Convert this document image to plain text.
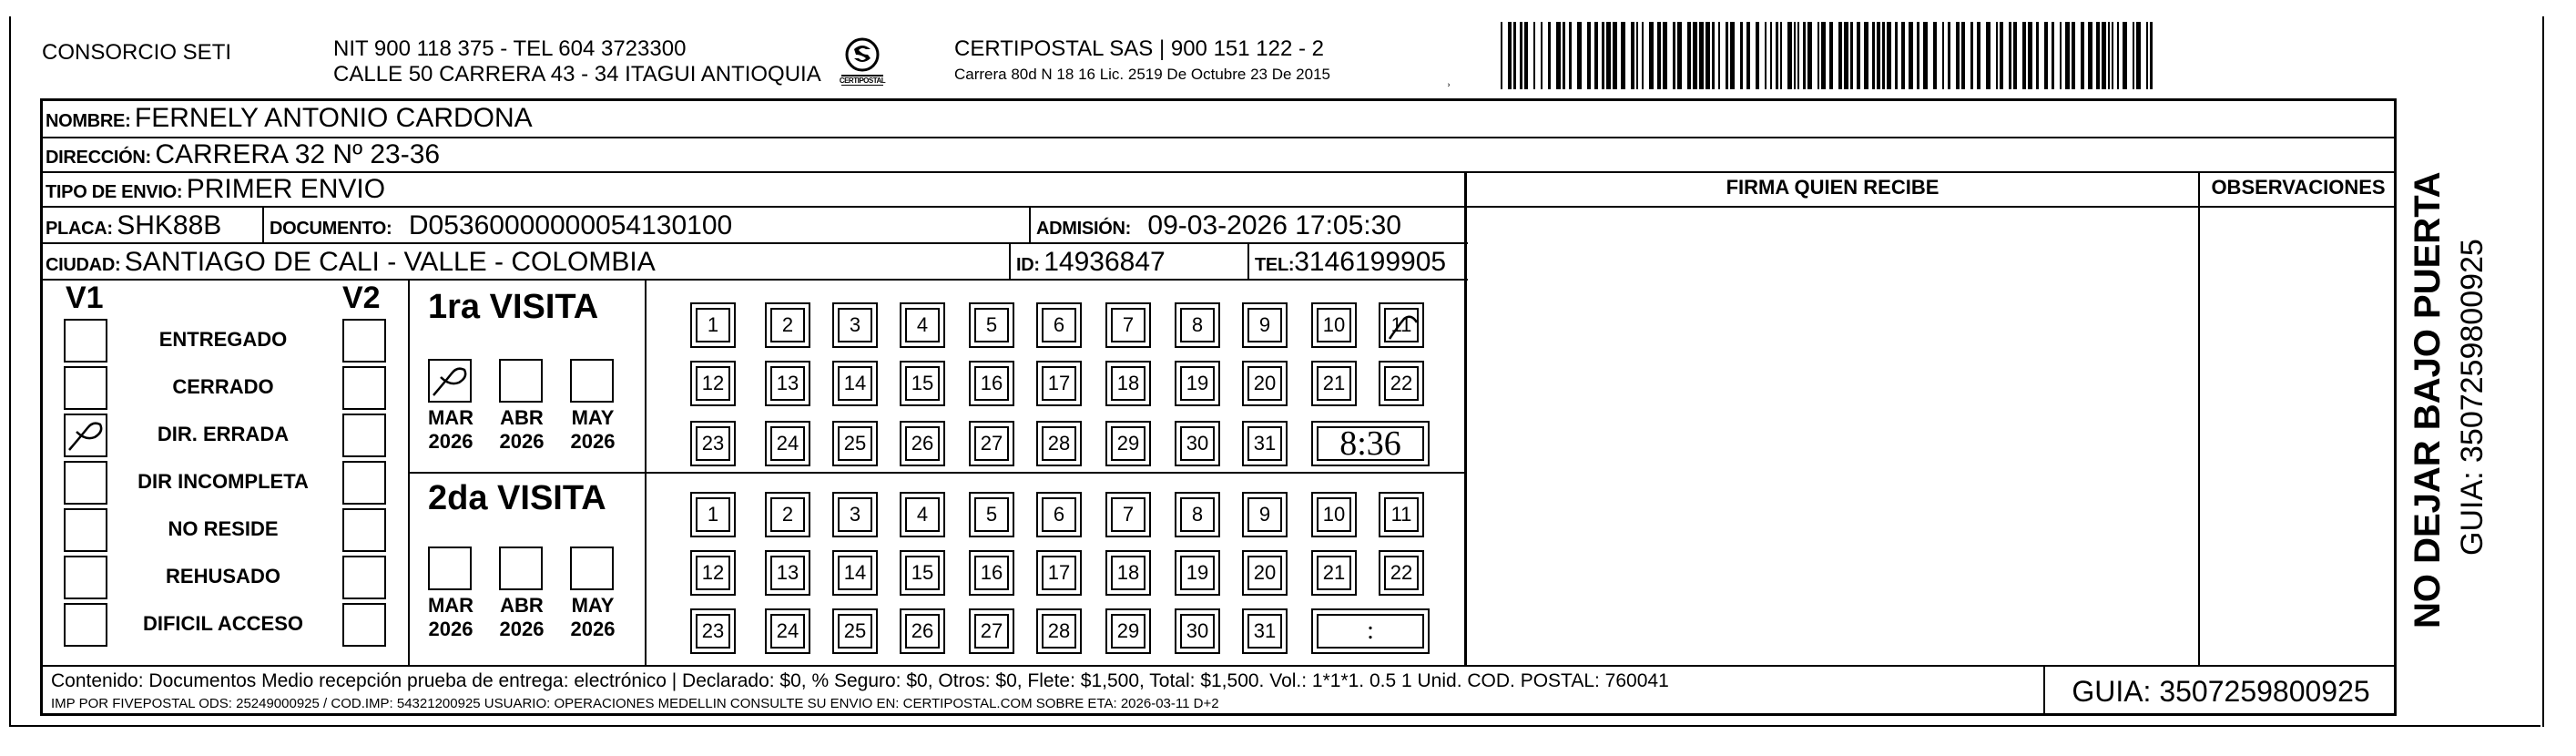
CONSORCIO SETI	NIT 900 118 375 - TEL 604 3723300
CALLE 50 CARRERA 43 - 34 ITAGUI ANTIOQUIA	CERTIPOSTAL
CERTIPOSTAL SAS | 900 151 122 - 2
Carrera 80d N 18 16 Lic. 2519 De Octubre 23 De 2015	˒
NOMBRE: FERNELY ANTONIO CARDONA
DIRECCIÓN: CARRERA 32 Nº 23-36
TIPO DE ENVIO: PRIMER ENVIO
PLACA: SHK88B	DOCUMENTO: D05360000000054130100	ADMISIÓN: 09-03-2026 17:05:30
CIUDAD: SANTIAGO DE CALI - VALLE - COLOMBIA	ID: 14936847	TEL:3146199905
FIRMA QUIEN RECIBE	OBSERVACIONES
V1	V2
Contenido: Documentos Medio recepción prueba de entrega: electrónico | Declarado: $0, % Seguro: $0, Otros: $0, Flete: $1,500, Total: $1,500. Vol.: 1*1*1. 0.5 1 Unid. COD. POSTAL: 760041
IMP POR FIVEPOSTAL ODS: 25249000925 / COD.IMP: 54321200925 USUARIO: OPERACIONES MEDELLIN CONSULTE SU ENVIO EN: CERTIPOSTAL.COM SOBRE ETA: 2026-03-11 D+2	GUIA: 3507259800925
NO DEJAR BAJO PUERTA GUIA: 3507259800925
ENTREGADO
CERRADO
DIR. ERRADA
DIR INCOMPLETA
NO RESIDE
REHUSADO
DIFICIL ACCESO
1ra VISITA
MAR
2026
ABR
2026
MAY
2026
1	2	3	4	5	6	7	8	9	10	11
12	13	14	15	16	17	18	19	20	21	22
23	24	25	26	27	28	29	30	31	8:36
2da VISITA
MAR
2026
ABR
2026
MAY
2026
1	2	3	4	5	6	7	8	9	10	11
12	13	14	15	16	17	18	19	20	21	22
23	24	25	26	27	28	29	30	31	:
